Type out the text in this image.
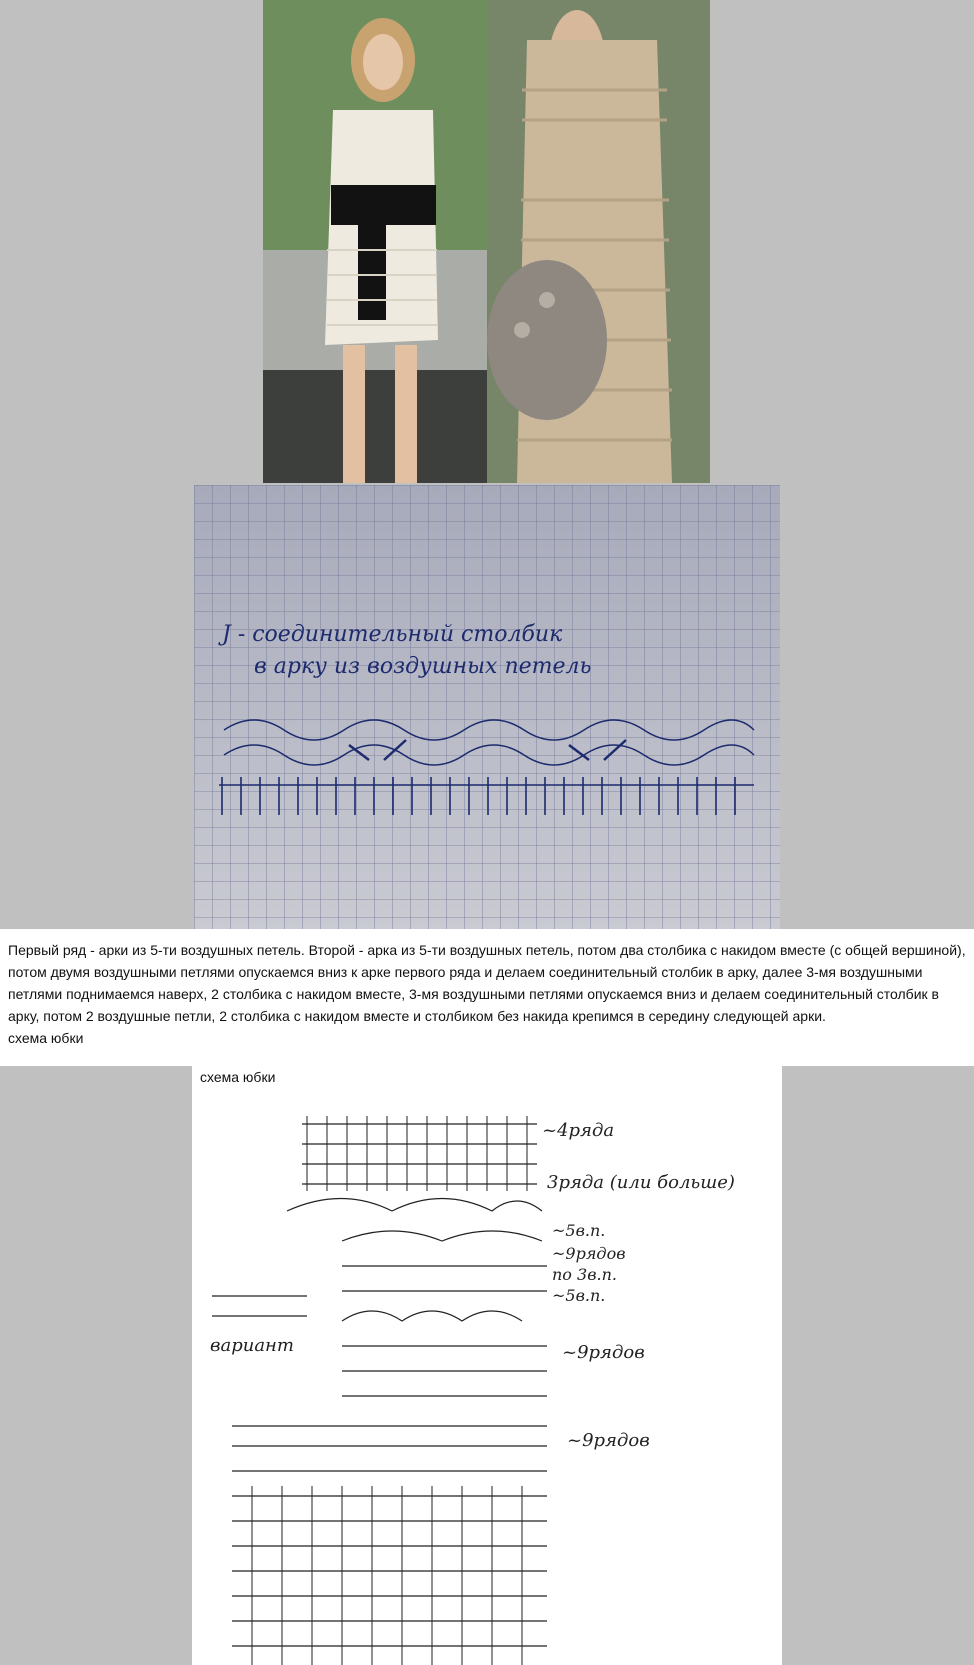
J - соединительный столбик
в арку из воздушных петель

Первый ряд - арки из 5-ти воздушных петель. Второй - арка из 5-ти воздушных петель, потом два столбика с накидом вместе (с общей вершиной), потом двумя воздушными петлями опускаемся вниз к арке первого ряда и делаем соединительный столбик в арку, далее 3-мя воздушными петлями поднимаемся наверх, 2 столбика с накидом вместе, 3-мя воздушными петлями опускаемся вниз и делаем соединительный столбик в арку, потом 2 воздушные петли, 2 столбика с накидом вместе и столбиком без накида крепимся в середину следующей арки.

схема юбки
схема юбки
~4ряда
3ряда (или больше)
~5в.п.
~9рядов
по 3в.п.
~5в.п.
~9рядов
~9рядов
вариант
